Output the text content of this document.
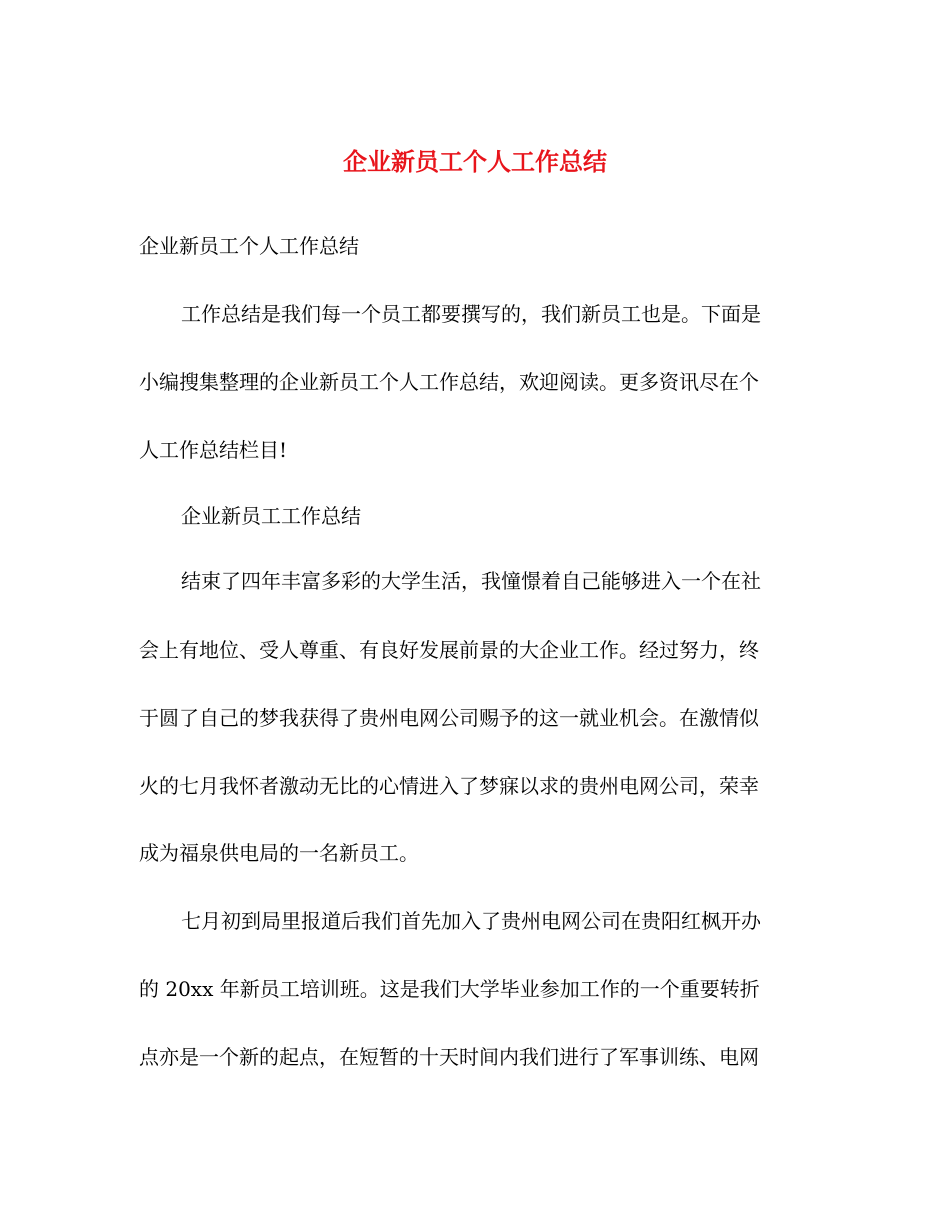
企业新员工个人工作总结

企业新员工个人工作总结

工作总结是我们每一个员工都要撰写的，我们新员工也是。下面是

小编搜集整理的企业新员工个人工作总结，欢迎阅读。更多资讯尽在个

人工作总结栏目!

企业新员工工作总结

结束了四年丰富多彩的大学生活，我憧憬着自己能够进入一个在社

会上有地位、受人尊重、有良好发展前景的大企业工作。经过努力，终

于圆了自己的梦我获得了贵州电网公司赐予的这一就业机会。在激情似

火的七月我怀者激动无比的心情进入了梦寐以求的贵州电网公司，荣幸

成为福泉供电局的一名新员工。

七月初到局里报道后我们首先加入了贵州电网公司在贵阳红枫开办

的 20xx 年新员工培训班。这是我们大学毕业参加工作的一个重要转折

点亦是一个新的起点，在短暂的十天时间内我们进行了军事训练、电网
